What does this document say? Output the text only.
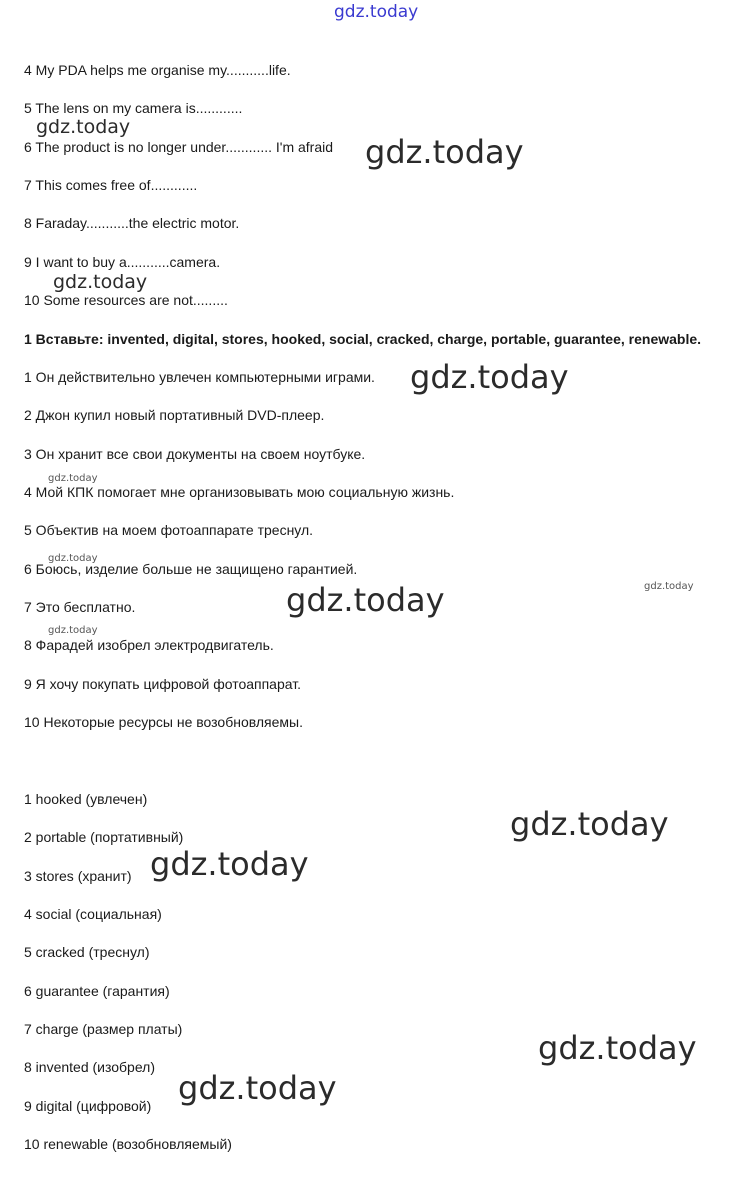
gdz.today
4 My PDA helps me organise my...........life.
5 The lens on my camera is............
6 The product is no longer under............ I'm afraid
7 This comes free of............
8 Faraday...........the electric motor.
9 I want to buy a...........camera.
10 Some resources are not.........
1 Вставьте: invented, digital, stores, hooked, social, cracked, charge, portable, guarantee, renewable.
1 Он действительно увлечен компьютерными играми.
2 Джон купил новый портативный DVD-плеер.
3 Он хранит все свои документы на своем ноутбуке.
4 Мой КПК помогает мне организовывать мою социальную жизнь.
5 Объектив на моем фотоаппарате треснул.
6 Боюсь, изделие больше не защищено гарантией.
7 Это бесплатно.
8 Фарадей изобрел электродвигатель.
9 Я хочу покупать цифровой фотоаппарат.
10 Некоторые ресурсы не возобновляемы.
1 hooked (увлечен)
2 portable (портативный)
3 stores (хранит)
4 social (социальная)
5 cracked (треснул)
6 guarantee (гарантия)
7 charge (размер платы)
8 invented (изобрел)
9 digital (цифровой)
10 renewable (возобновляемый)
gdz.today
gdz.today
gdz.today
gdz.today
gdz.today
gdz.today
gdz.today
gdz.today
gdz.today
gdz.today
gdz.today
gdz.today
gdz.today
